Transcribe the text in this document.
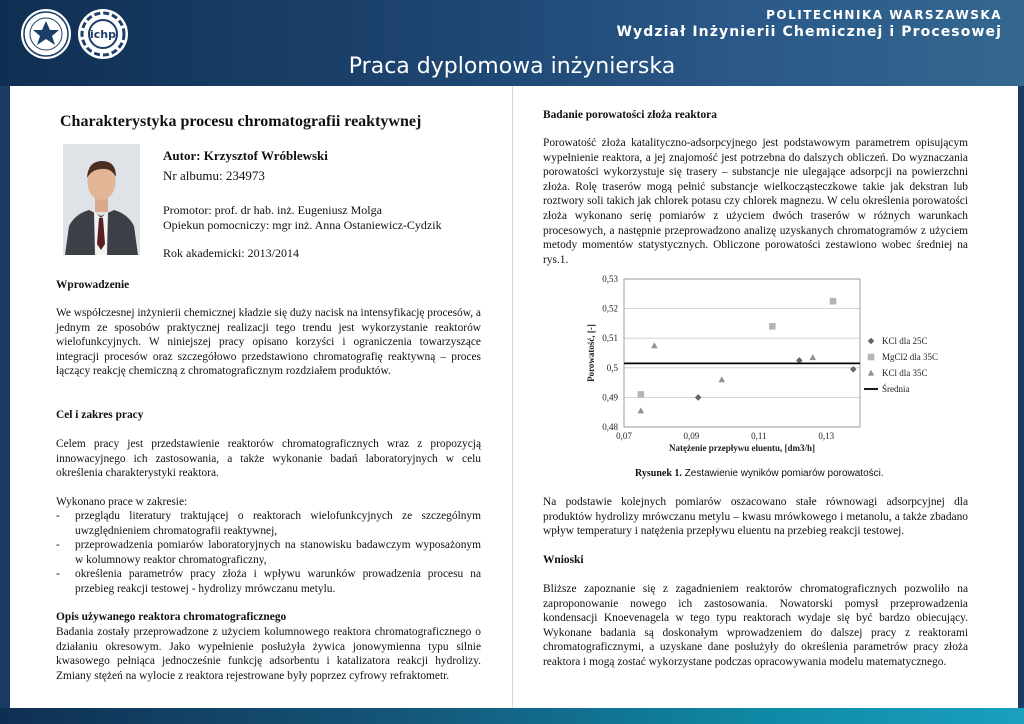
ichp
POLITECHNIKA WARSZAWSKA
Wydział Inżynierii Chemicznej i Procesowej
Praca dyplomowa inżynierska
Charakterystyka procesu chromatografii reaktywnej
Autor: Krzysztof Wróblewski
Nr albumu: 234973
Promotor: prof. dr hab. inż. Eugeniusz Molga
Opiekun pomocniczy: mgr inż. Anna Ostaniewicz-Cydzik
Rok akademicki: 2013/2014
Wprowadzenie
We współczesnej inżynierii chemicznej kładzie się duży nacisk na intensyfikację procesów, a jednym ze sposobów praktycznej realizacji tego trendu jest wykorzystanie reaktorów wielofunkcyjnych. W niniejszej pracy opisano korzyści i ograniczenia towarzyszące integracji procesów oraz szczegółowo przedstawiono chromatografię reaktywną – proces łączący reakcję chemiczną z chromatograficznym rozdziałem produktów.
Cel i zakres pracy
Celem pracy jest przedstawienie reaktorów chromatograficznych wraz z propozycją innowacyjnego ich zastosowania, a także wykonanie badań laboratoryjnych w celu określenia charakterystyki reaktora.
Wykonano prace w zakresie:
-	przeglądu literatury traktującej o reaktorach wielofunkcyjnych ze szczególnym uwzględnieniem chromatografii reaktywnej,
-	przeprowadzenia pomiarów laboratoryjnych na stanowisku badawczym wyposażonym w kolumnowy reaktor chromatograficzny,
-	określenia parametrów pracy złoża i wpływu warunków prowadzenia procesu na przebieg reakcji testowej - hydrolizy mrówczanu metylu.
Opis używanego reaktora chromatograficznego
Badania zostały przeprowadzone z użyciem kolumnowego reaktora chromatograficznego o działaniu okresowym. Jako wypełnienie posłużyła żywica jonowymienna typu silnie kwasowego pełniąca jednocześnie funkcję adsorbentu i katalizatora reakcji hydrolizy. Zmiany stężeń na wylocie z reaktora rejestrowane były poprzez cyfrowy refraktometr.
Badanie porowatości złoża reaktora
Porowatość złoża katalityczno-adsorpcyjnego jest podstawowym parametrem opisującym wypełnienie reaktora, a jej znajomość jest potrzebna do dalszych obliczeń. Do wyznaczania porowatości wykorzystuje się trasery – substancje nie ulegające adsorpcji na powierzchni złoża. Rolę traserów mogą pełnić substancje wielkocząsteczkowe takie jak dekstran lub roztwory soli takich jak chlorek potasu czy chlorek magnezu. W celu określenia porowatości złoża wykonano serię pomiarów z użyciem dwóch traserów w różnych warunkach procesowych, a następnie przeprowadzono analizę uzyskanych chromatogramów z użyciem metody momentów statystycznych. Obliczone porowatości zestawiono wobec średniej na rys.1.
0,48
0,49
0,5
0,51
0,52
0,53
0,07	0,09	0,11	0,13
Natężenie przepływu eluentu, [dm3/h]
Porowatość, [-]	KCl dla 25C
MgCl2 dla 35C
KCl dla 35C
Średnia
Rysunek 1. Zestawienie wyników pomiarów porowatości.
Na podstawie kolejnych pomiarów oszacowano stałe równowagi adsorpcyjnej dla produktów hydrolizy mrówczanu metylu – kwasu mrówkowego i metanolu, a także zbadano wpływ temperatury i natężenia przepływu eluentu na przebieg reakcji testowej.
Wnioski
Bliższe zapoznanie się z zagadnieniem reaktorów chromatograficznych pozwoliło na zaproponowanie nowego ich zastosowania. Nowatorski pomysł przeprowadzenia kondensacji Knoevenagela w tego typu reaktorach wydaje się być bardzo obiecujący. Wykonane badania są doskonałym wprowadzeniem do dalszej pracy z reaktorami chromatograficznymi, a uzyskane dane posłużyły do określenia parametrów pracy złoża reaktora i mogą zostać wykorzystane podczas opracowywania modelu matematycznego.
